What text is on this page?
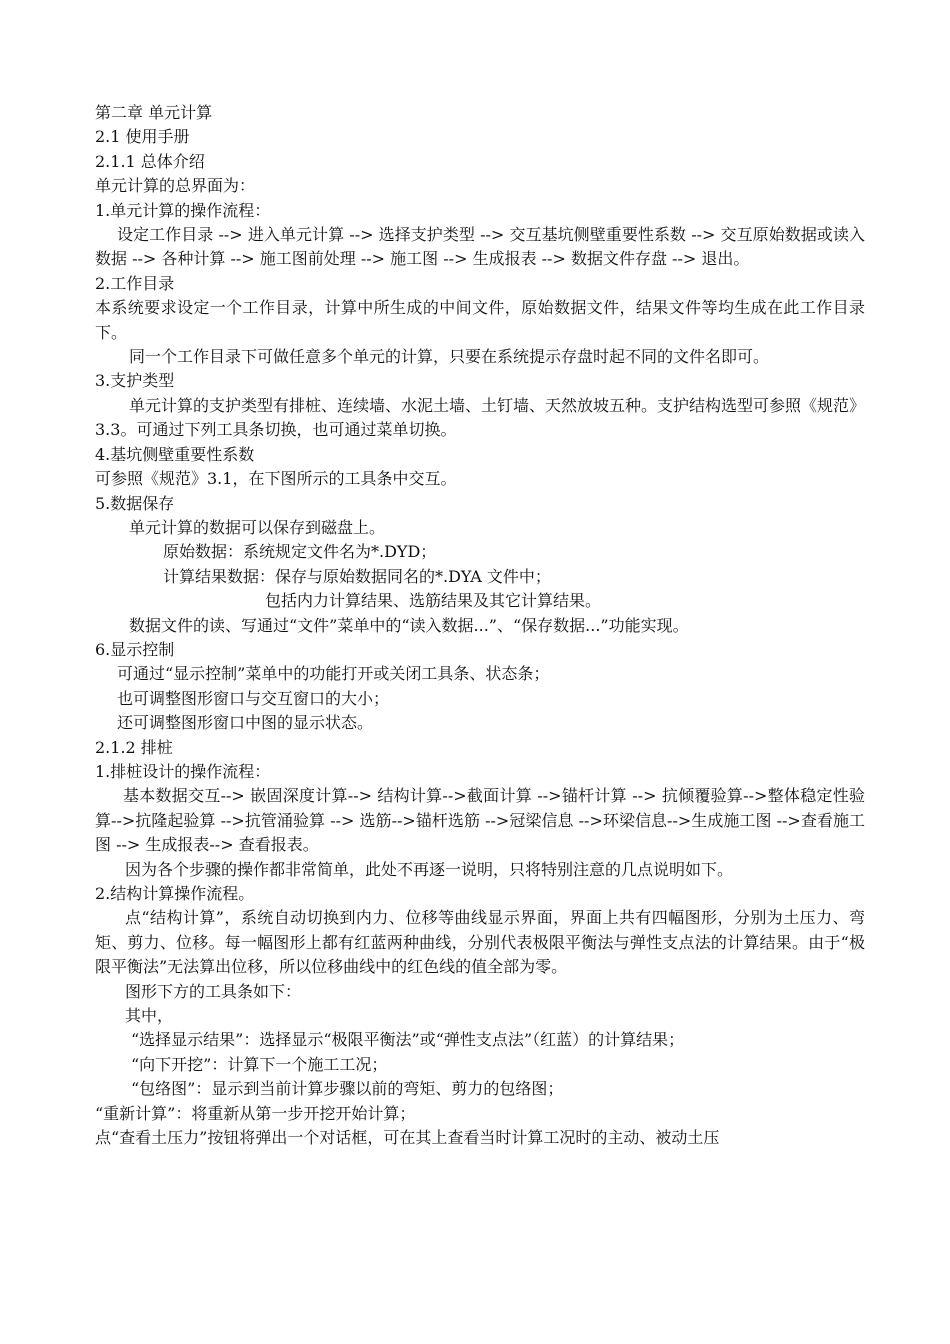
第二章 单元计算

2.1 使用手册

2.1.1 总体介绍

单元计算的总界面为：

1.单元计算的操作流程：

设定工作目录 --> 进入单元计算 --> 选择支护类型 --> 交互基坑侧壁重要性系数 --> 交互原始数据或读入数据 --> 各种计算 --> 施工图前处理 --> 施工图 --> 生成报表 --> 数据文件存盘 --> 退出。

2.工作目录

本系统要求设定一个工作目录，计算中所生成的中间文件，原始数据文件，结果文件等均生成在此工作目录下。

同一个工作目录下可做任意多个单元的计算，只要在系统提示存盘时起不同的文件名即可。

3.支护类型

单元计算的支护类型有排桩、连续墙、水泥土墙、土钉墙、天然放坡五种。支护结构选型可参照《规范》3.3。可通过下列工具条切换，也可通过菜单切换。

4.基坑侧壁重要性系数

可参照《规范》3.1，在下图所示的工具条中交互。

5.数据保存

单元计算的数据可以保存到磁盘上。

原始数据：系统规定文件名为*.DYD；

计算结果数据：保存与原始数据同名的*.DYA 文件中；

包括内力计算结果、选筋结果及其它计算结果。

数据文件的读、写通过“文件”菜单中的“读入数据...”、“保存数据...”功能实现。

6.显示控制

可通过“显示控制”菜单中的功能打开或关闭工具条、状态条；

也可调整图形窗口与交互窗口的大小；

还可调整图形窗口中图的显示状态。

2.1.2 排桩

1.排桩设计的操作流程：

基本数据交互--> 嵌固深度计算--> 结构计算-->截面计算 -->锚杆计算 --> 抗倾覆验算-->整体稳定性验算-->抗隆起验算 -->抗管涌验算 --> 选筋-->锚杆选筋 -->冠梁信息 -->环梁信息-->生成施工图 -->查看施工图 --> 生成报表--> 查看报表。

因为各个步骤的操作都非常简单，此处不再逐一说明，只将特别注意的几点说明如下。

2.结构计算操作流程。

点“结构计算”，系统自动切换到内力、位移等曲线显示界面，界面上共有四幅图形，分别为土压力、弯矩、剪力、位移。每一幅图形上都有红蓝两种曲线，分别代表极限平衡法与弹性支点法的计算结果。由于“极限平衡法”无法算出位移，所以位移曲线中的红色线的值全部为零。

图形下方的工具条如下：

其中，

“选择显示结果”：选择显示“极限平衡法”或“弹性支点法”（红蓝）的计算结果；

“向下开挖”：计算下一个施工工况；

“包络图”：显示到当前计算步骤以前的弯矩、剪力的包络图；

“重新计算”：将重新从第一步开挖开始计算；

点“查看土压力”按钮将弹出一个对话框，可在其上查看当时计算工况时的主动、被动土压
